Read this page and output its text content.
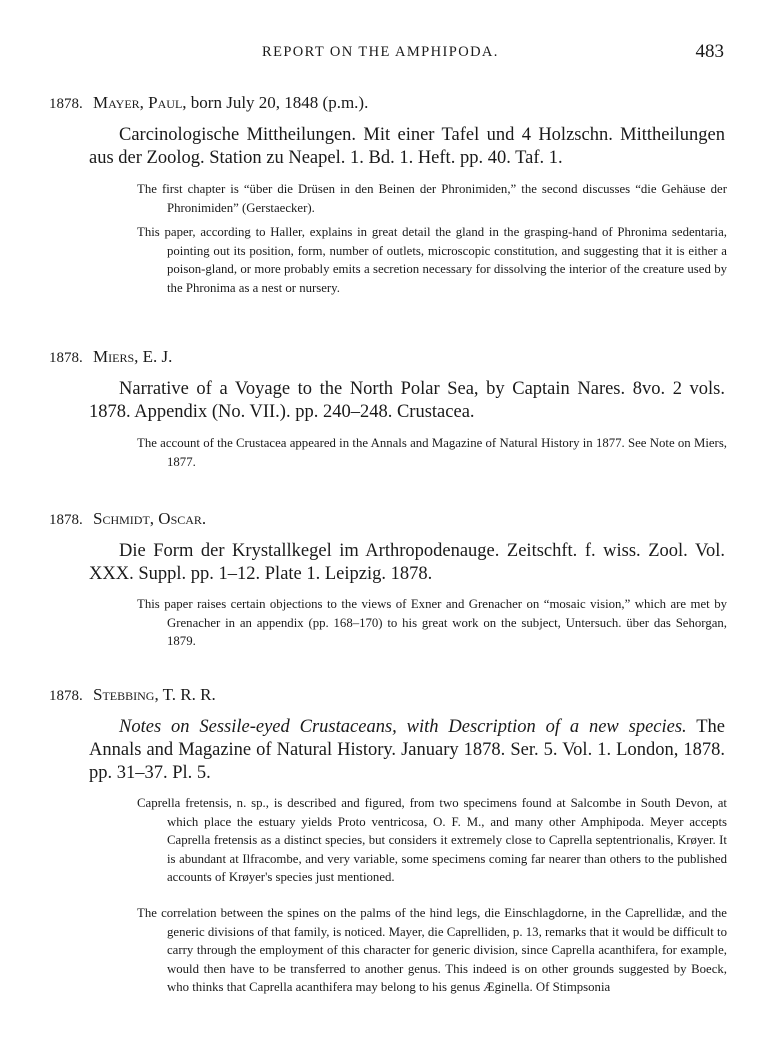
REPORT ON THE AMPHIPODA.	483
1878. Mayer, Paul, born July 20, 1848 (p.m.).
Carcinologische Mittheilungen. Mit einer Tafel und 4 Holzschn. Mittheilungen aus der Zoolog. Station zu Neapel. 1. Bd. 1. Heft. pp. 40. Taf. 1.
The first chapter is “über die Drüsen in den Beinen der Phronimiden,” the second discusses “die Gehäuse der Phronimiden” (Gerstaecker).
This paper, according to Haller, explains in great detail the gland in the grasping-hand of Phronima sedentaria, pointing out its position, form, number of outlets, microscopic constitution, and suggesting that it is either a poison-gland, or more probably emits a secretion necessary for dissolving the interior of the creature used by the Phronima as a nest or nursery.
1878. Miers, E. J.
Narrative of a Voyage to the North Polar Sea, by Captain Nares. 8vo. 2 vols. 1878. Appendix (No. VII.). pp. 240–248. Crustacea.
The account of the Crustacea appeared in the Annals and Magazine of Natural History in 1877. See Note on Miers, 1877.
1878. Schmidt, Oscar.
Die Form der Krystallkegel im Arthropodenauge. Zeitschft. f. wiss. Zool. Vol. XXX. Suppl. pp. 1–12. Plate 1. Leipzig. 1878.
This paper raises certain objections to the views of Exner and Grenacher on “mosaic vision,” which are met by Grenacher in an appendix (pp. 168–170) to his great work on the subject, Untersuch. über das Sehorgan, 1879.
1878. Stebbing, T. R. R.
Notes on Sessile-eyed Crustaceans, with Description of a new species. The Annals and Magazine of Natural History. January 1878. Ser. 5. Vol. 1. London, 1878. pp. 31–37. Pl. 5.
Caprella fretensis, n. sp., is described and figured, from two specimens found at Salcombe in South Devon, at which place the estuary yields Proto ventricosa, O. F. M., and many other Amphipoda. Meyer accepts Caprella fretensis as a distinct species, but considers it extremely close to Caprella septentrionalis, Krøyer. It is abundant at Ilfracombe, and very variable, some specimens coming far nearer than others to the published accounts of Krøyer's species just mentioned.
The correlation between the spines on the palms of the hind legs, die Einschlagdorne, in the Caprellidæ, and the generic divisions of that family, is noticed. Mayer, die Caprelliden, p. 13, remarks that it would be difficult to carry through the employment of this character for generic division, since Caprella acanthifera, for example, would then have to be transferred to another genus. This indeed is on other grounds suggested by Boeck, who thinks that Caprella acanthifera may belong to his genus Æginella. Of Stimpsonia
